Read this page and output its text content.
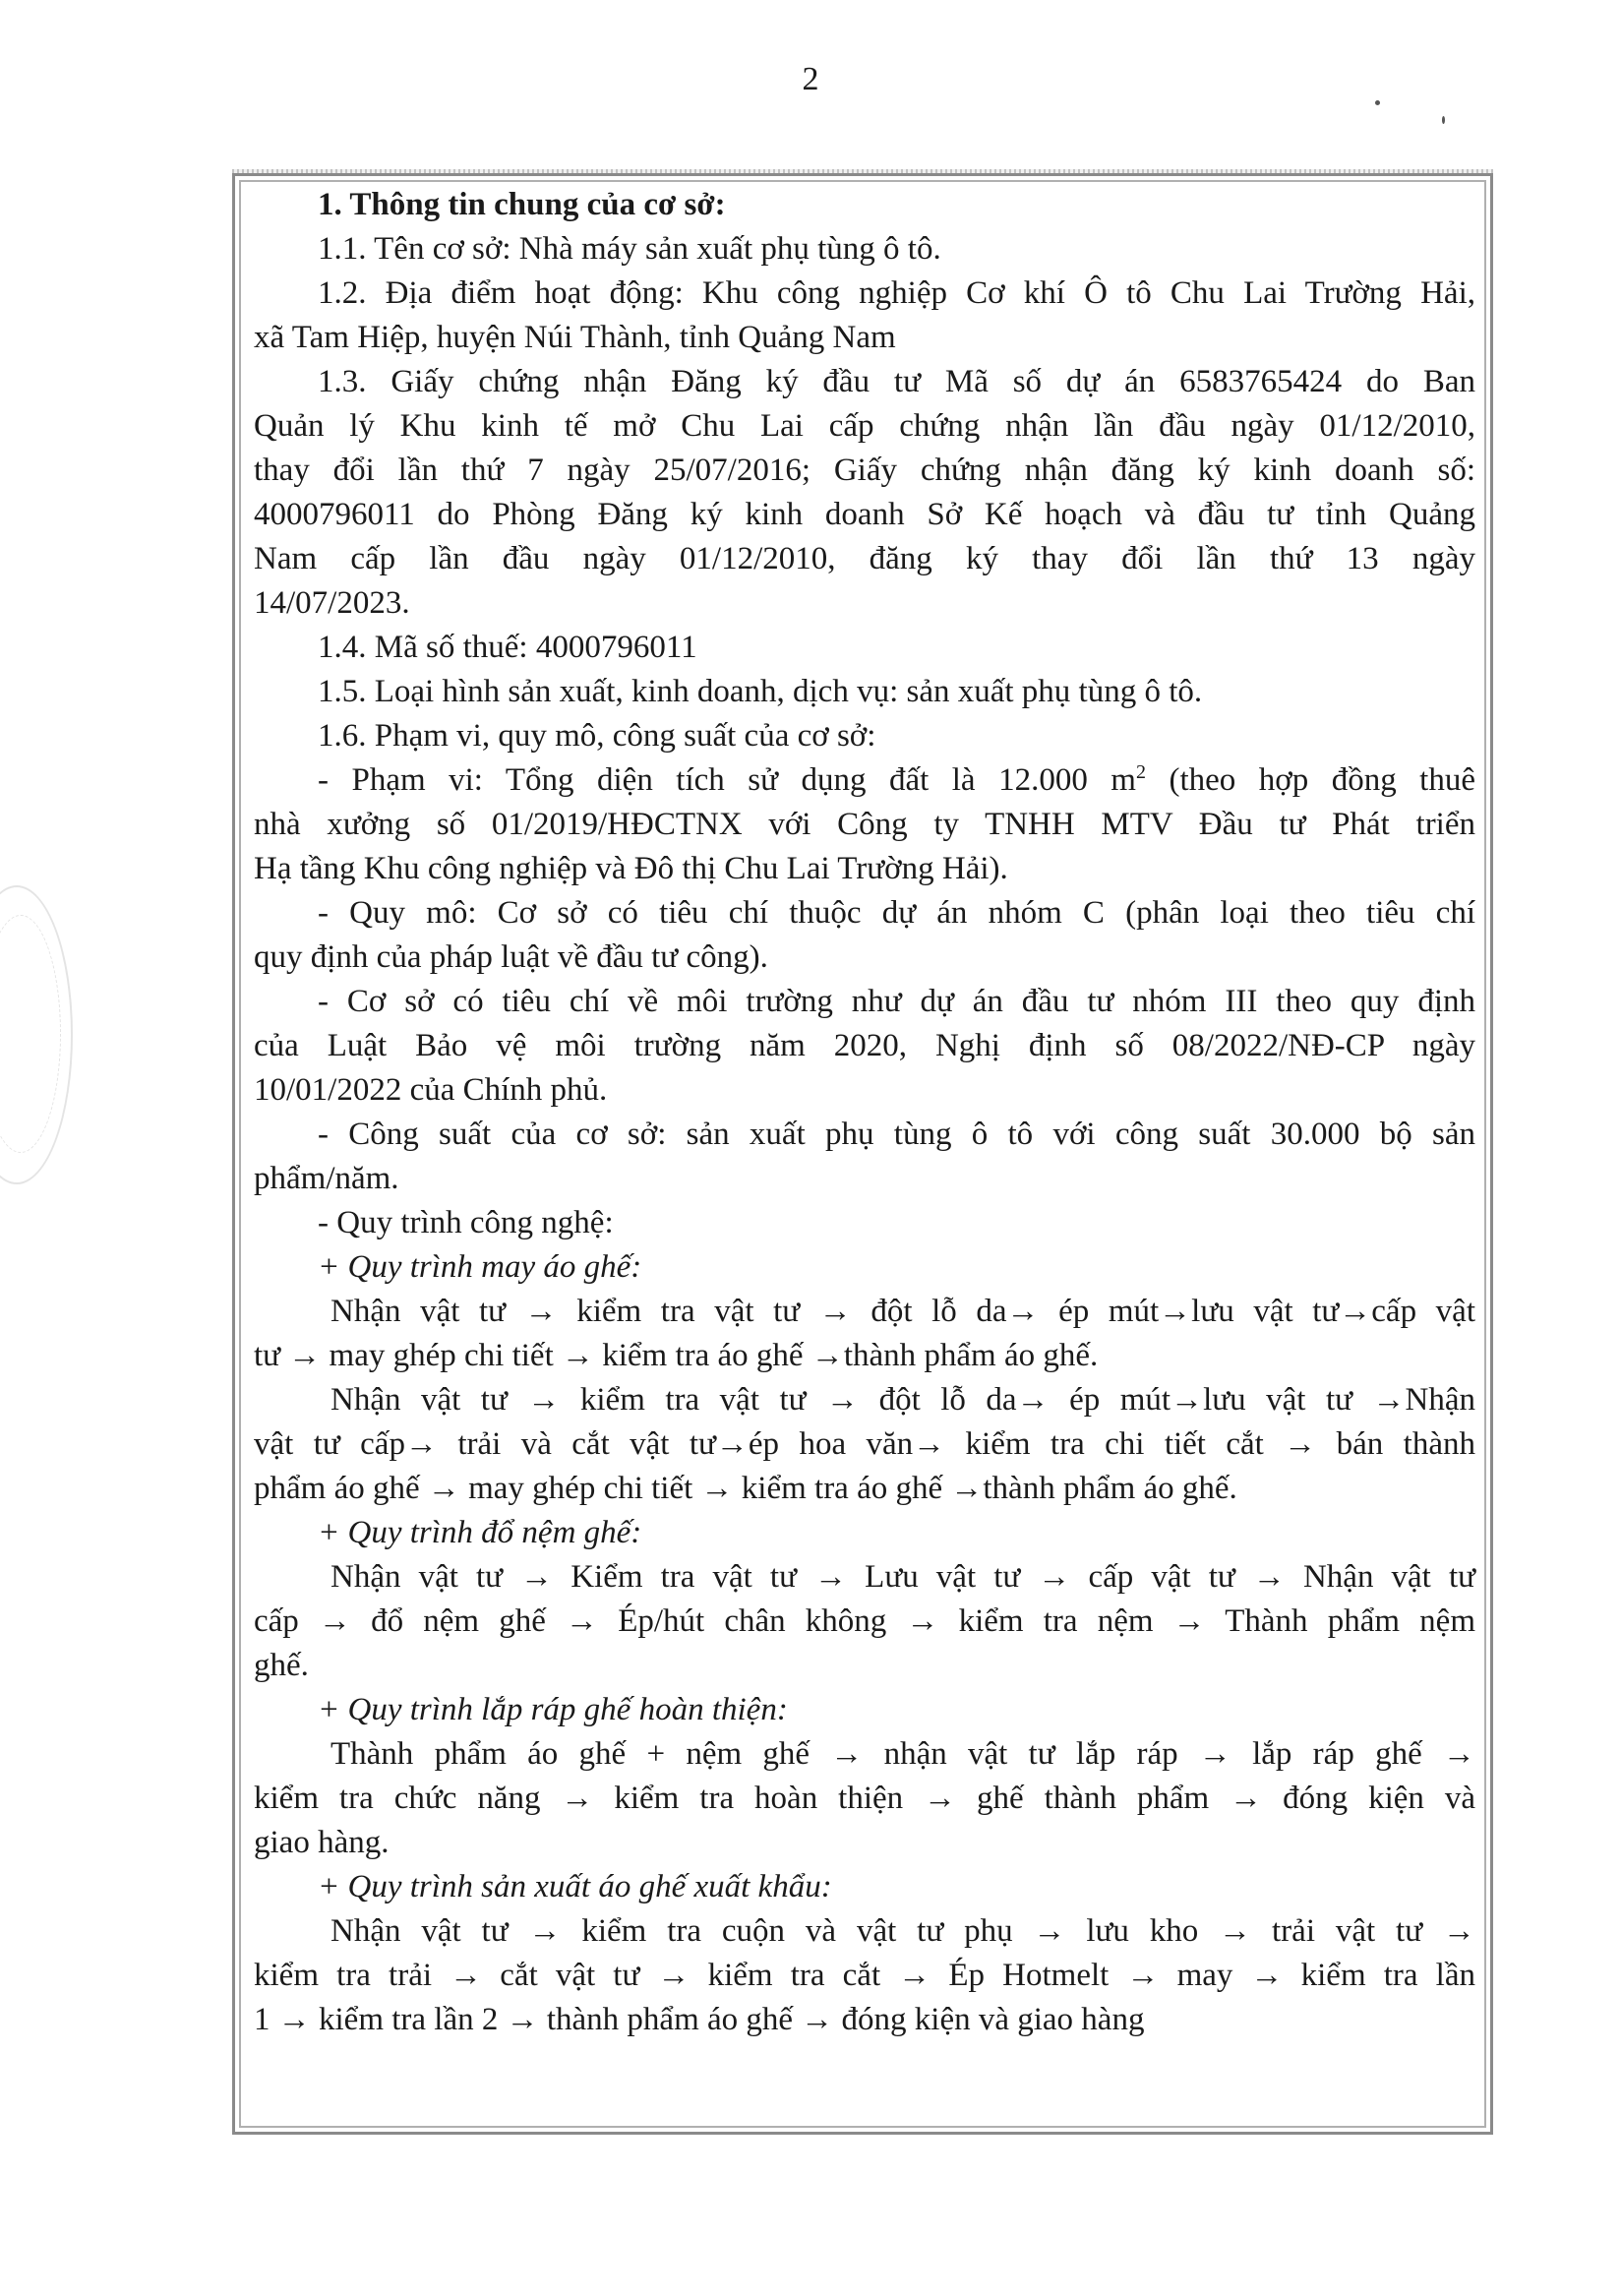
2
1. Thông tin chung của cơ sở:
1.1. Tên cơ sở: Nhà máy sản xuất phụ tùng ô tô.
1.2. Địa điểm hoạt động: Khu công nghiệp Cơ khí Ô tô Chu Lai Trường Hải,
xã Tam Hiệp, huyện Núi Thành, tỉnh Quảng Nam
1.3. Giấy chứng nhận Đăng ký đầu tư Mã số dự án 6583765424 do Ban
Quản lý Khu kinh tế mở Chu Lai cấp chứng nhận lần đầu ngày 01/12/2010,
thay đổi lần thứ 7 ngày 25/07/2016; Giấy chứng nhận đăng ký kinh doanh số:
4000796011 do Phòng Đăng ký kinh doanh Sở Kế hoạch và đầu tư tỉnh Quảng
Nam cấp lần đầu ngày 01/12/2010, đăng ký thay đổi lần thứ 13 ngày
14/07/2023.
1.4. Mã số thuế: 4000796011
1.5. Loại hình sản xuất, kinh doanh, dịch vụ: sản xuất phụ tùng ô tô.
1.6. Phạm vi, quy mô, công suất của cơ sở:
- Phạm vi: Tổng diện tích sử dụng đất là 12.000 $m^2$ (theo hợp đồng thuê
nhà xưởng số 01/2019/HĐCTNX với Công ty TNHH MTV Đầu tư Phát triển
Hạ tầng Khu công nghiệp và Đô thị Chu Lai Trường Hải).
- Quy mô: Cơ sở có tiêu chí thuộc dự án nhóm C (phân loại theo tiêu chí
quy định của pháp luật về đầu tư công).
- Cơ sở có tiêu chí về môi trường như dự án đầu tư nhóm III theo quy định
của Luật Bảo vệ môi trường năm 2020, Nghị định số 08/2022/NĐ-CP ngày
10/01/2022 của Chính phủ.
- Công suất của cơ sở: sản xuất phụ tùng ô tô với công suất 30.000 bộ sản
phẩm/năm.
- Quy trình công nghệ:
+ Quy trình may áo ghế:
Nhận vật tư → kiểm tra vật tư → đột lỗ da→ ép mút→lưu vật tư→cấp vật
tư → may ghép chi tiết → kiểm tra áo ghế →thành phẩm áo ghế.
Nhận vật tư → kiểm tra vật tư → đột lỗ da→ ép mút→lưu vật tư →Nhận
vật tư cấp→ trải và cắt vật tư→ép hoa văn→ kiểm tra chi tiết cắt → bán thành
phẩm áo ghế → may ghép chi tiết → kiểm tra áo ghế →thành phẩm áo ghế.
+ Quy trình đổ nệm ghế:
Nhận vật tư → Kiểm tra vật tư → Lưu vật tư → cấp vật tư → Nhận vật tư
cấp → đổ nệm ghế → Ép/hút chân không → kiểm tra nệm → Thành phẩm nệm
ghế.
+ Quy trình lắp ráp ghế hoàn thiện:
Thành phẩm áo ghế + nệm ghế → nhận vật tư lắp ráp → lắp ráp ghế →
kiểm tra chức năng → kiểm tra hoàn thiện → ghế thành phẩm → đóng kiện và
giao hàng.
+ Quy trình sản xuất áo ghế xuất khẩu:
Nhận vật tư → kiểm tra cuộn và vật tư phụ → lưu kho → trải vật tư →
kiểm tra trải → cắt vật tư → kiểm tra cắt → Ép Hotmelt → may → kiểm tra lần
1 → kiểm tra lần 2 → thành phẩm áo ghế → đóng kiện và giao hàng
